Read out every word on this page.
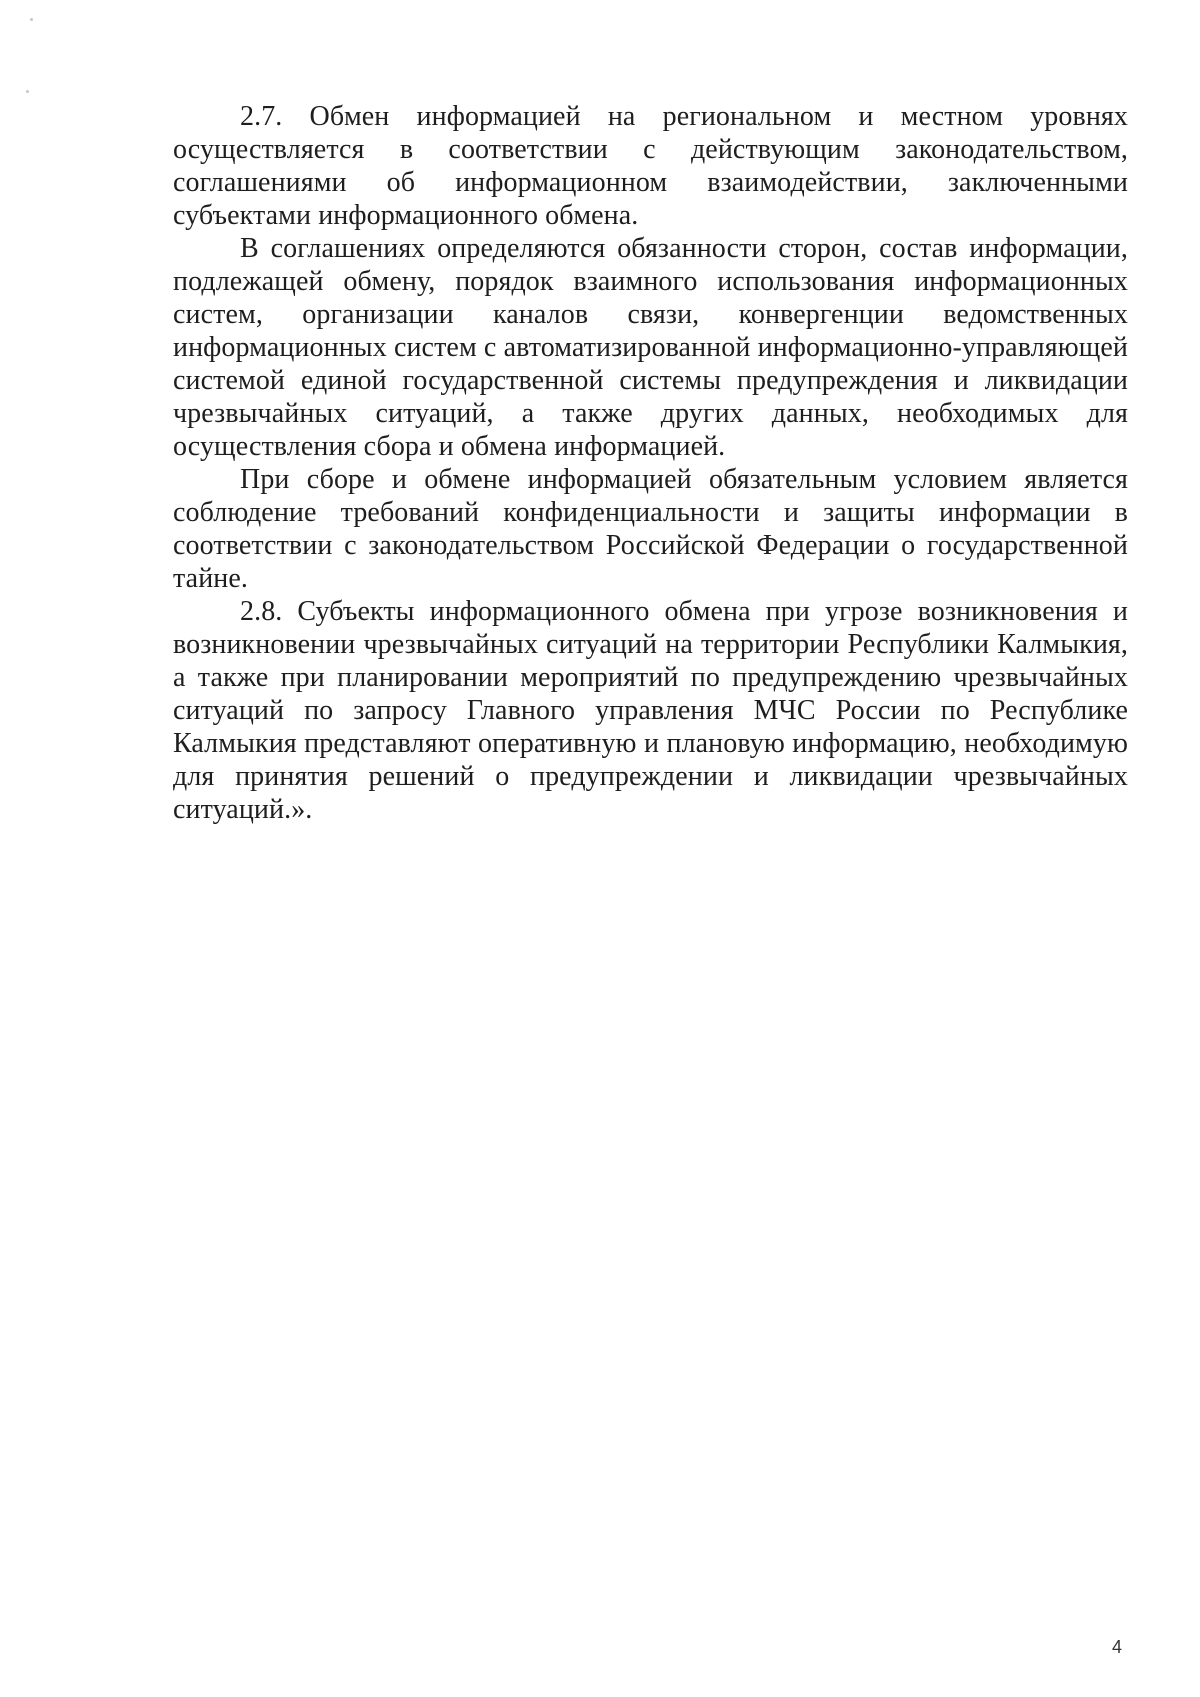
2.7. Обмен информацией на региональном и местном уровнях осуществляется в соответствии с действующим законодательством, соглашениями об информационном взаимодействии, заключенными субъектами информационного обмена.

В соглашениях определяются обязанности сторон, состав информации, подлежащей обмену, порядок взаимного использования информационных систем, организации каналов связи, конвергенции ведомственных информационных систем с автоматизированной информационно-управляющей системой единой государственной системы предупреждения и ликвидации чрезвычайных ситуаций, а также других данных, необходимых для осуществления сбора и обмена информацией.

При сборе и обмене информацией обязательным условием является соблюдение требований конфиденциальности и защиты информации в соответствии с законодательством Российской Федерации о государственной тайне.

2.8. Субъекты информационного обмена при угрозе возникновения и возникновении чрезвычайных ситуаций на территории Республики Калмыкия, а также при планировании мероприятий по предупреждению чрезвычайных ситуаций по запросу Главного управления МЧС России по Республике Калмыкия представляют оперативную и плановую информацию, необходимую для принятия решений о предупреждении и ликвидации чрезвычайных ситуаций.».

4
